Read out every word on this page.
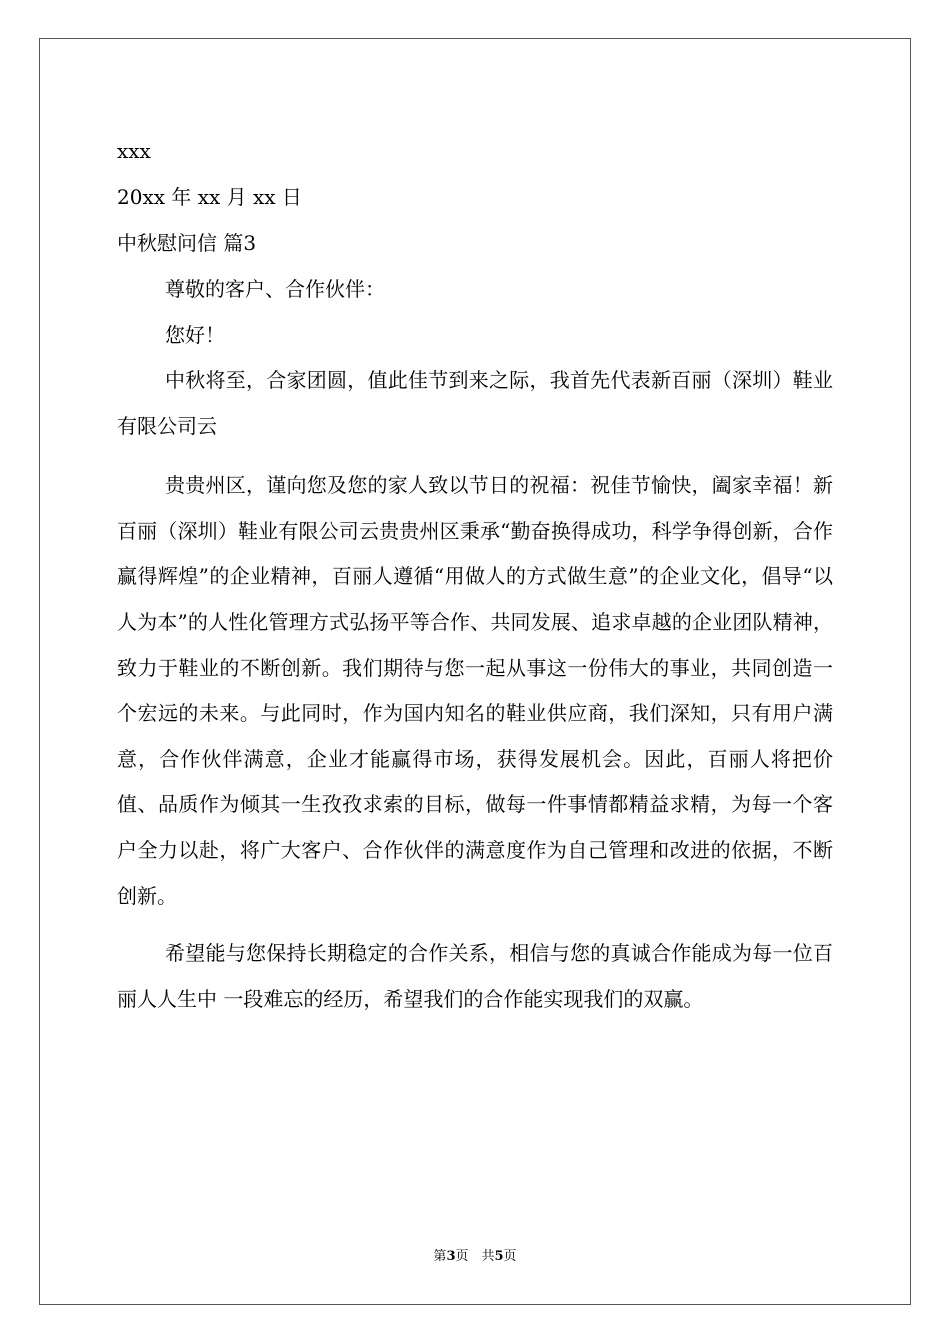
xxx
20xx 年 xx 月 xx 日
中秋慰问信 篇3
尊敬的客户、合作伙伴：
您好！

中秋将至，合家团圆，值此佳节到来之际，我首先代表新百丽（深圳）鞋业有限公司云

贵贵州区，谨向您及您的家人致以节日的祝福：祝佳节愉快，阖家幸福！新百丽（深圳）鞋业有限公司云贵贵州区秉承“勤奋换得成功，科学争得创新，合作赢得辉煌”的企业精神，百丽人遵循“用做人的方式做生意”的企业文化，倡导“以人为本”的人性化管理方式弘扬平等合作、共同发展、追求卓越的企业团队精神，致力于鞋业的不断创新。我们期待与您一起从事这一份伟大的事业，共同创造一个宏远的未来。与此同时，作为国内知名的鞋业供应商，我们深知，只有用户满意，合作伙伴满意，企业才能赢得市场，获得发展机会。因此，百丽人将把价值、品质作为倾其一生孜孜求索的目标，做每一件事情都精益求精，为每一个客户全力以赴，将广大客户、合作伙伴的满意度作为自己管理和改进的依据，不断创新。

希望能与您保持长期稳定的合作关系，相信与您的真诚合作能成为每一位百丽人人生中 一段难忘的经历，希望我们的合作能实现我们的双赢。

第3页　共5页
